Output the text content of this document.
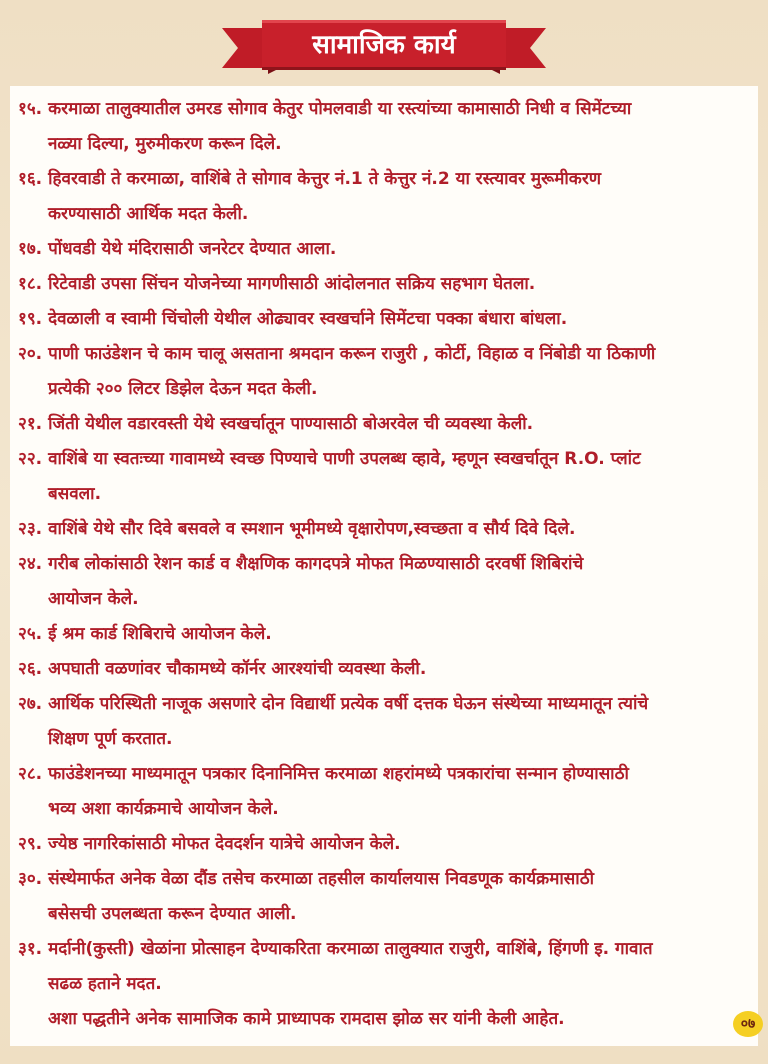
सामाजिक कार्य
१५. करमाळा तालुक्यातील उमरड सोगाव केतुर पोमलवाडी या रस्त्यांच्या कामासाठी निधी व सिमेंटच्या
नळ्या दिल्या, मुरुमीकरण करून दिले.
१६. हिवरवाडी ते करमाळा, वाशिंबे ते सोगाव केत्तुर नं.1 ते केत्तुर नं.2 या रस्त्यावर मुरूमीकरण
करण्यासाठी आर्थिक मदत केली.
१७. पोंधवडी येथे मंदिरासाठी जनरेटर देण्यात आला.
१८. रिटेवाडी उपसा सिंचन योजनेच्या मागणीसाठी आंदोलनात सक्रिय सहभाग घेतला.
१९. देवळाली व स्वामी चिंचोली येथील ओढ्यावर स्वखर्चाने सिमेंटचा पक्का बंधारा बांधला.
२०. पाणी फाउंडेशन चे काम चालू असताना श्रमदान करून राजुरी , कोर्टी, विहाळ व निंबोडी या ठिकाणी
प्रत्येकी २०० लिटर डिझेल देऊन मदत केली.
२१. जिंती येथील वडारवस्ती येथे स्वखर्चातून पाण्यासाठी बोअरवेल ची व्यवस्था केली.
२२. वाशिंबे या स्वतःच्या गावामध्ये स्वच्छ पिण्याचे पाणी उपलब्ध व्हावे, म्हणून स्वखर्चातून R.O. प्लांट
बसवला.
२३. वाशिंबे येथे सौर दिवे बसवले व स्मशान भूमीमध्ये वृक्षारोपण,स्वच्छता व सौर्य दिवे दिले.
२४. गरीब लोकांसाठी रेशन कार्ड व शैक्षणिक कागदपत्रे मोफत मिळण्यासाठी दरवर्षी शिबिरांचे
आयोजन केले.
२५. ई श्रम कार्ड शिबिराचे आयोजन केले.
२६. अपघाती वळणांवर चौकामध्ये कॉर्नर आरश्यांची व्यवस्था केली.
२७. आर्थिक परिस्थिती नाजूक असणारे दोन विद्यार्थी प्रत्येक वर्षी दत्तक घेऊन संस्थेच्या माध्यमातून त्यांचे
शिक्षण पूर्ण करतात.
२८. फाउंडेशनच्या माध्यमातून पत्रकार दिनानिमित्त करमाळा शहरांमध्ये पत्रकारांचा सन्मान होण्यासाठी
भव्य अशा कार्यक्रमाचे आयोजन केले.
२९. ज्येष्ठ नागरिकांसाठी मोफत देवदर्शन यात्रेचे आयोजन केले.
३०. संस्थेमार्फत अनेक वेळा दौंड तसेच करमाळा तहसील कार्यालयास निवडणूक कार्यक्रमासाठी
बसेसची उपलब्धता करून देण्यात आली.
३१. मर्दानी(कुस्ती) खेळांना प्रोत्साहन देण्याकरिता करमाळा तालुक्यात राजुरी, वाशिंबे, हिंगणी इ. गावात
सढळ हताने मदत.
अशा पद्धतीने अनेक सामाजिक कामे प्राध्यापक रामदास झोळ सर यांनी केली आहेत.	०७
